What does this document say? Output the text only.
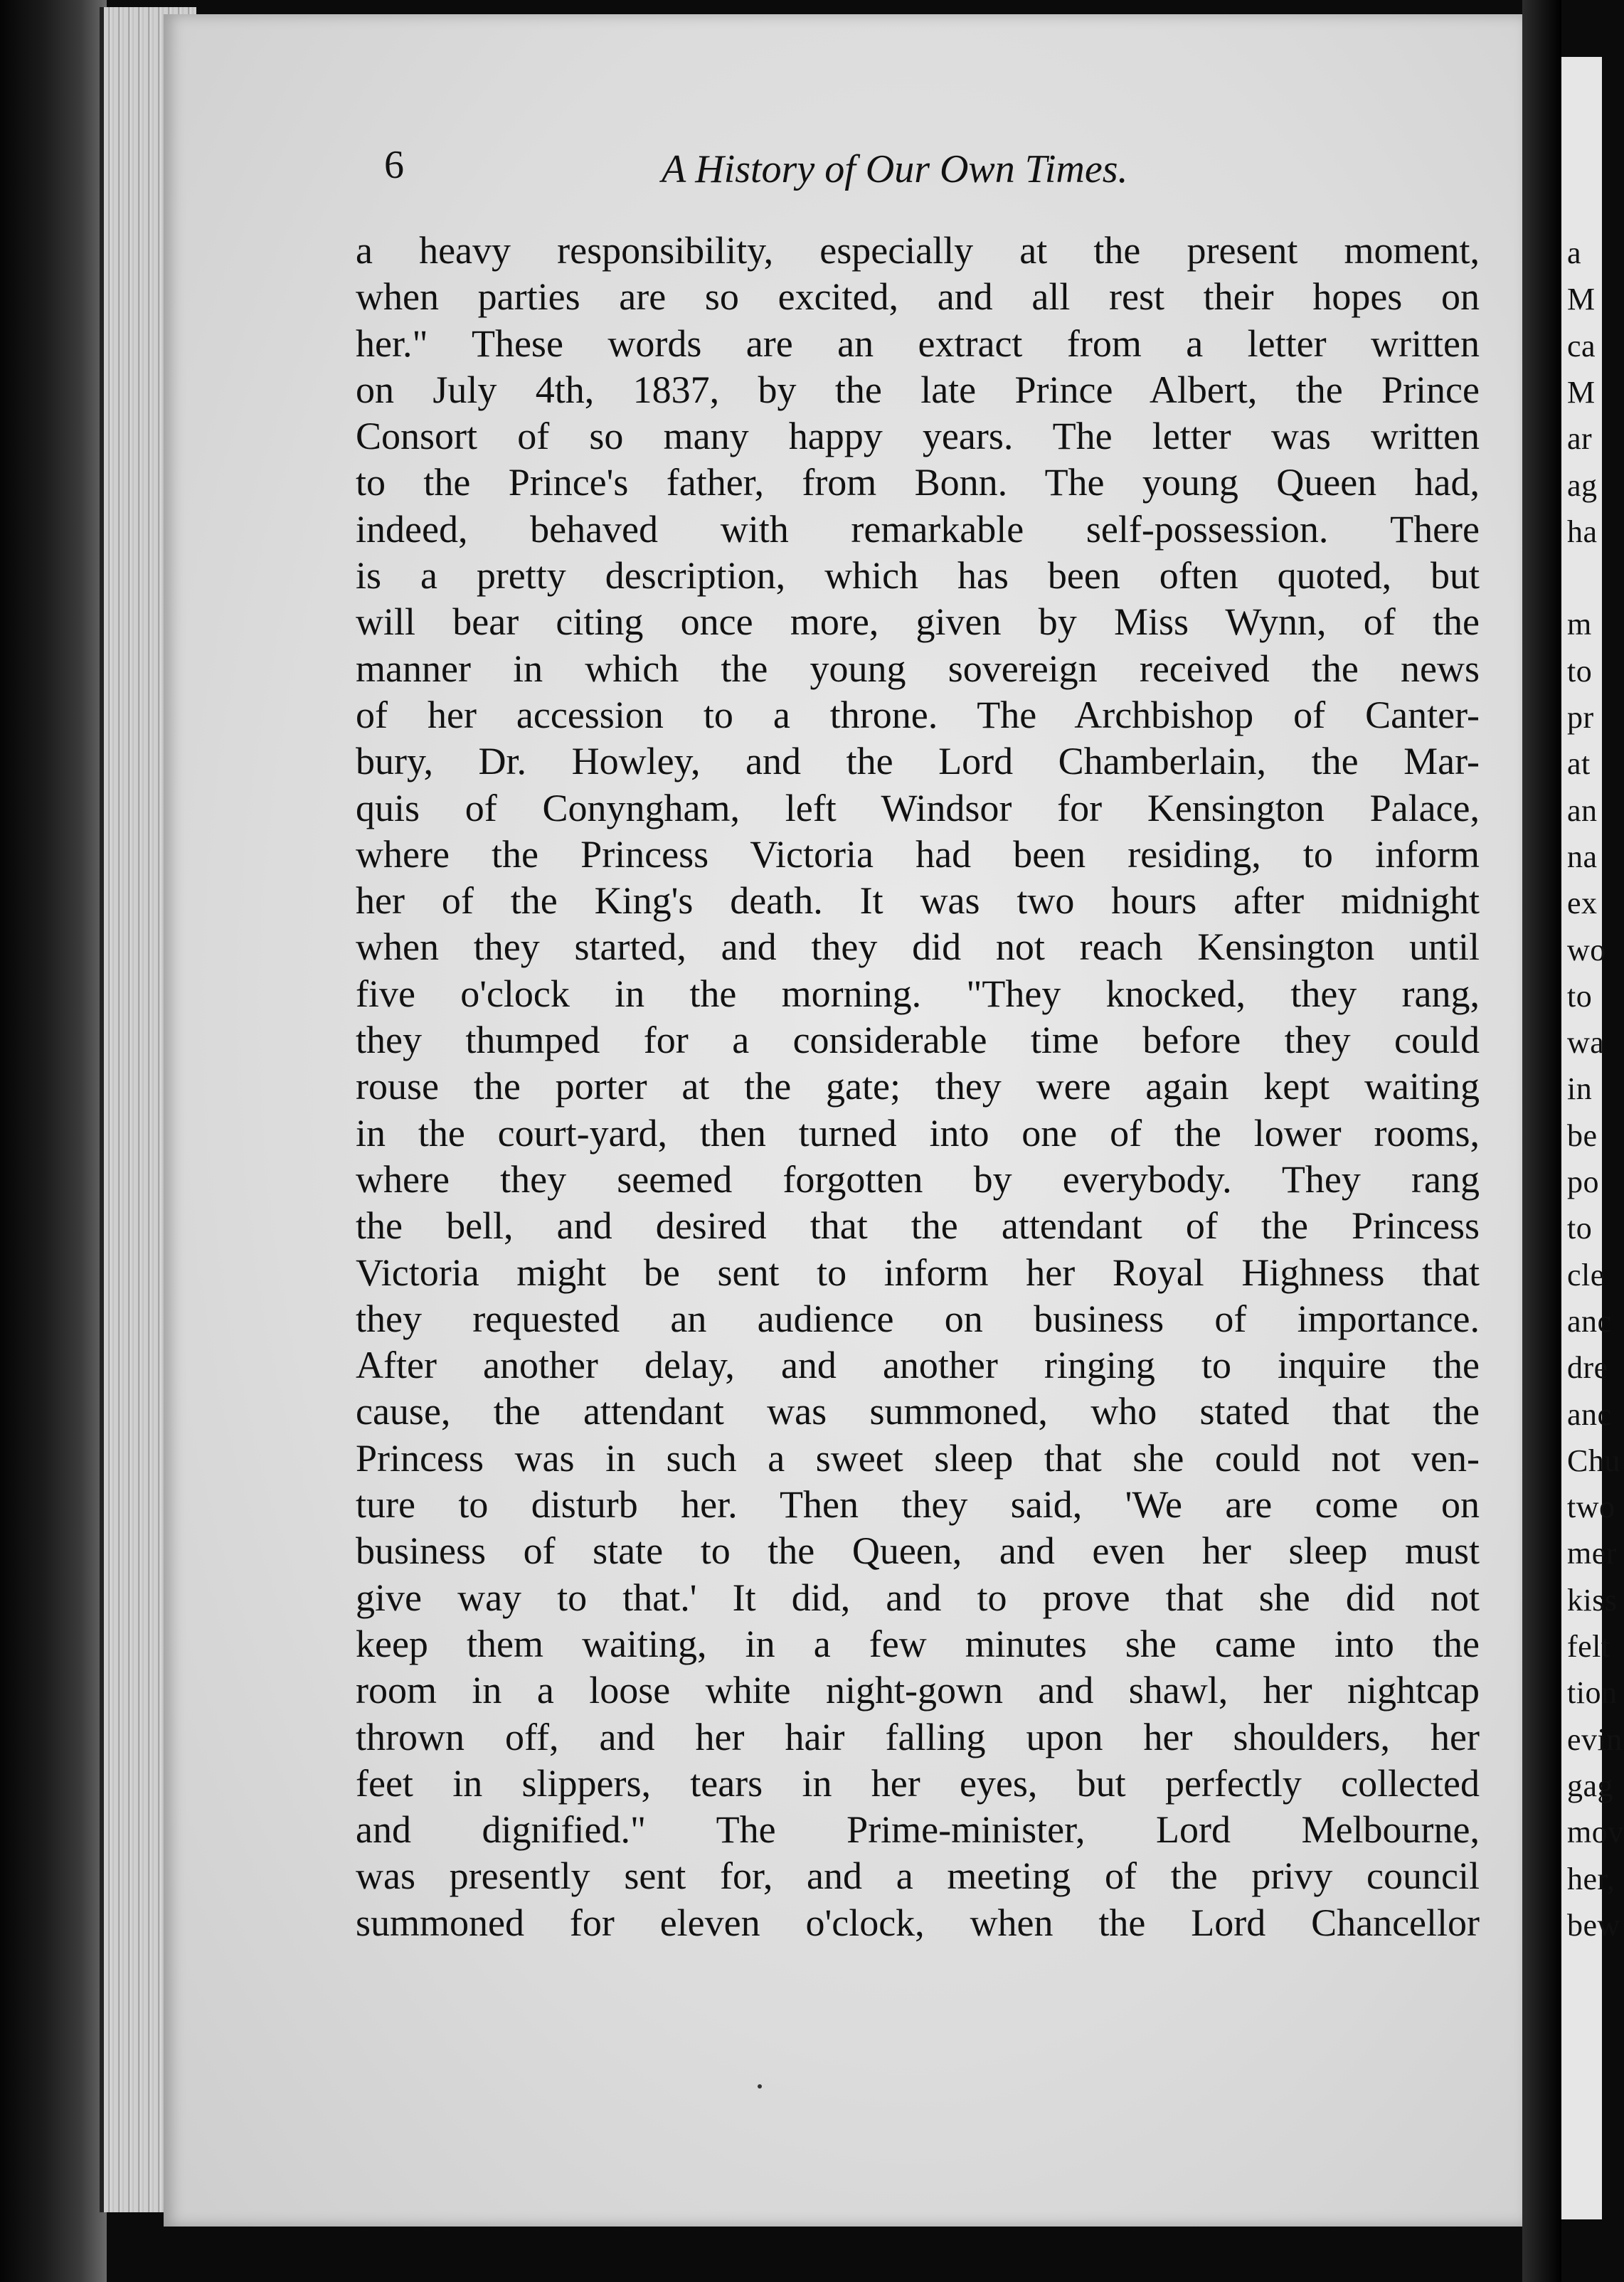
6	A History of Our Own Times.
a heavy responsibility, especially at the present moment,
when parties are so excited, and all rest their hopes on
her." These words are an extract from a letter written
on July 4th, 1837, by the late Prince Albert, the Prince
Consort of so many happy years. The letter was written
to the Prince's father, from Bonn. The young Queen had,
indeed, behaved with remarkable self-possession. There
is a pretty description, which has been often quoted, but
will bear citing once more, given by Miss Wynn, of the
manner in which the young sovereign received the news
of her accession to a throne. The Archbishop of Canter-
bury, Dr. Howley, and the Lord Chamberlain, the Mar-
quis of Conyngham, left Windsor for Kensington Palace,
where the Princess Victoria had been residing, to inform
her of the King's death. It was two hours after midnight
when they started, and they did not reach Kensington until
five o'clock in the morning. "They knocked, they rang,
they thumped for a considerable time before they could
rouse the porter at the gate; they were again kept waiting
in the court-yard, then turned into one of the lower rooms,
where they seemed forgotten by everybody. They rang
the bell, and desired that the attendant of the Princess
Victoria might be sent to inform her Royal Highness that
they requested an audience on business of importance.
After another delay, and another ringing to inquire the
cause, the attendant was summoned, who stated that the
Princess was in such a sweet sleep that she could not ven-
ture to disturb her. Then they said, 'We are come on
business of state to the Queen, and even her sleep must
give way to that.' It did, and to prove that she did not
keep them waiting, in a few minutes she came into the
room in a loose white night-gown and shawl, her nightcap
thrown off, and her hair falling upon her shoulders, her
feet in slippers, tears in her eyes, but perfectly collected
and dignified." The Prime-minister, Lord Melbourne,
was presently sent for, and a meeting of the privy council
summoned for eleven o'clock, when the Lord Chancellor
a
M
ca
M
ar
ag
ha
m
to
pr
at
an
na
ex
wo
to
wa
in
be
po
to
cle
anc
dre
anc
Chu
two
mer
kiss
felt
tion
evin
gag
mov
her,
bew
